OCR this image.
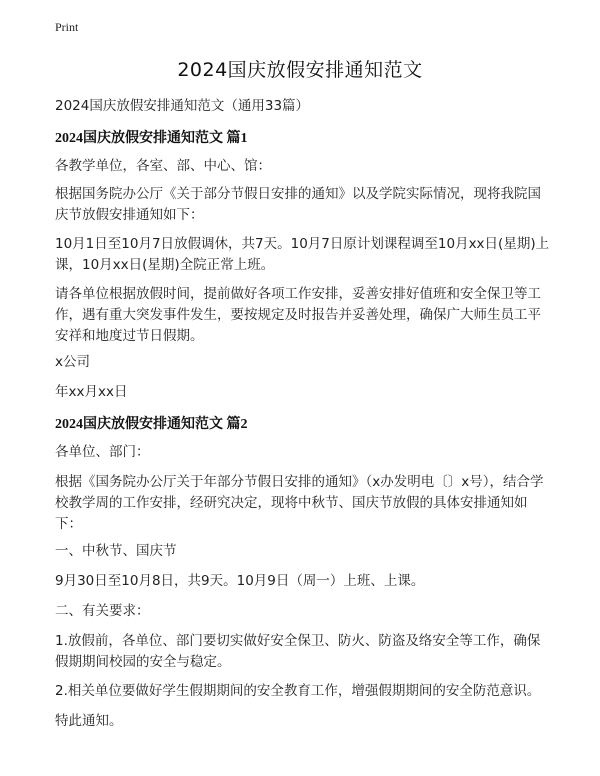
Print
2024国庆放假安排通知范文
2024国庆放假安排通知范文（通用33篇）
2024国庆放假安排通知范文 篇1
各教学单位，各室、部、中心、馆：
根据国务院办公厅《关于部分节假日安排的通知》以及学院实际情况，现将我院国庆节放假安排通知如下：
10月1日至10月7日放假调休，共7天。10月7日原计划课程调至10月xx日(星期)上课，10月xx日(星期)全院正常上班。
请各单位根据放假时间，提前做好各项工作安排，妥善安排好值班和安全保卫等工作，遇有重大突发事件发生，要按规定及时报告并妥善处理，确保广大师生员工平安祥和地度过节日假期。
x公司
年xx月xx日
2024国庆放假安排通知范文 篇2
各单位、部门：
根据《国务院办公厅关于年部分节假日安排的通知》（x办发明电〔〕x号），结合学校教学周的工作安排，经研究决定，现将中秋节、国庆节放假的具体安排通知如下：
一、中秋节、国庆节
9月30日至10月8日，共9天。10月9日（周一）上班、上课。
二、有关要求：
1.放假前，各单位、部门要切实做好安全保卫、防火、防盗及络安全等工作，确保假期期间校园的安全与稳定。
2.相关单位要做好学生假期期间的安全教育工作，增强假期期间的安全防范意识。
特此通知。
